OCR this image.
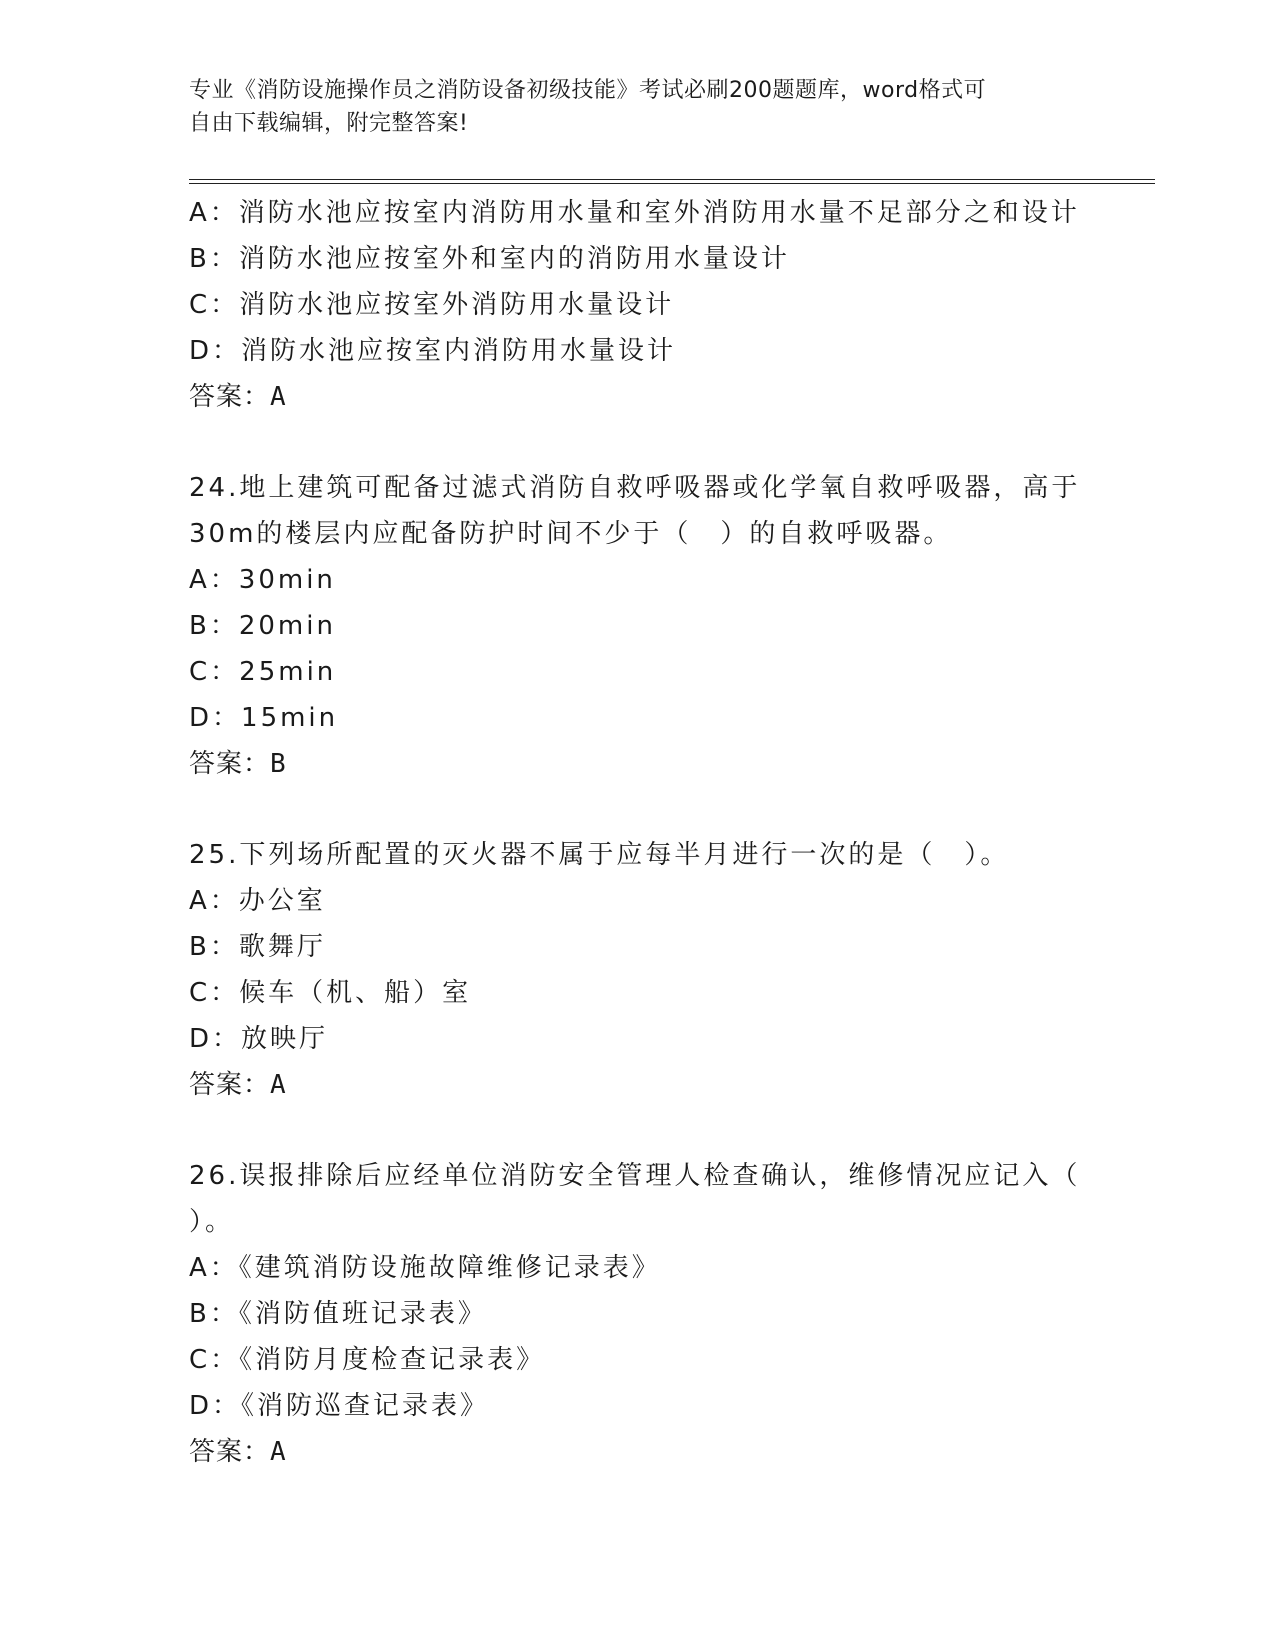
专业《消防设施操作员之消防设备初级技能》考试必刷200题题库，word格式可
自由下载编辑，附完整答案!
A：消防水池应按室内消防用水量和室外消防用水量不足部分之和设计
B：消防水池应按室外和室内的消防用水量设计
C：消防水池应按室外消防用水量设计
D：消防水池应按室内消防用水量设计
答案：A
24.地上建筑可配备过滤式消防自救呼吸器或化学氧自救呼吸器，高于
30m的楼层内应配备防护时间不少于（　）的自救呼吸器。
A：30min
B：20min
C：25min
D：15min
答案：B
25.下列场所配置的灭火器不属于应每半月进行一次的是（　）。
A：办公室
B：歌舞厅
C：候车（机、船）室
D：放映厅
答案：A
26.误报排除后应经单位消防安全管理人检查确认，维修情况应记入（
）。
A：《建筑消防设施故障维修记录表》
B：《消防值班记录表》
C：《消防月度检查记录表》
D：《消防巡查记录表》
答案：A
